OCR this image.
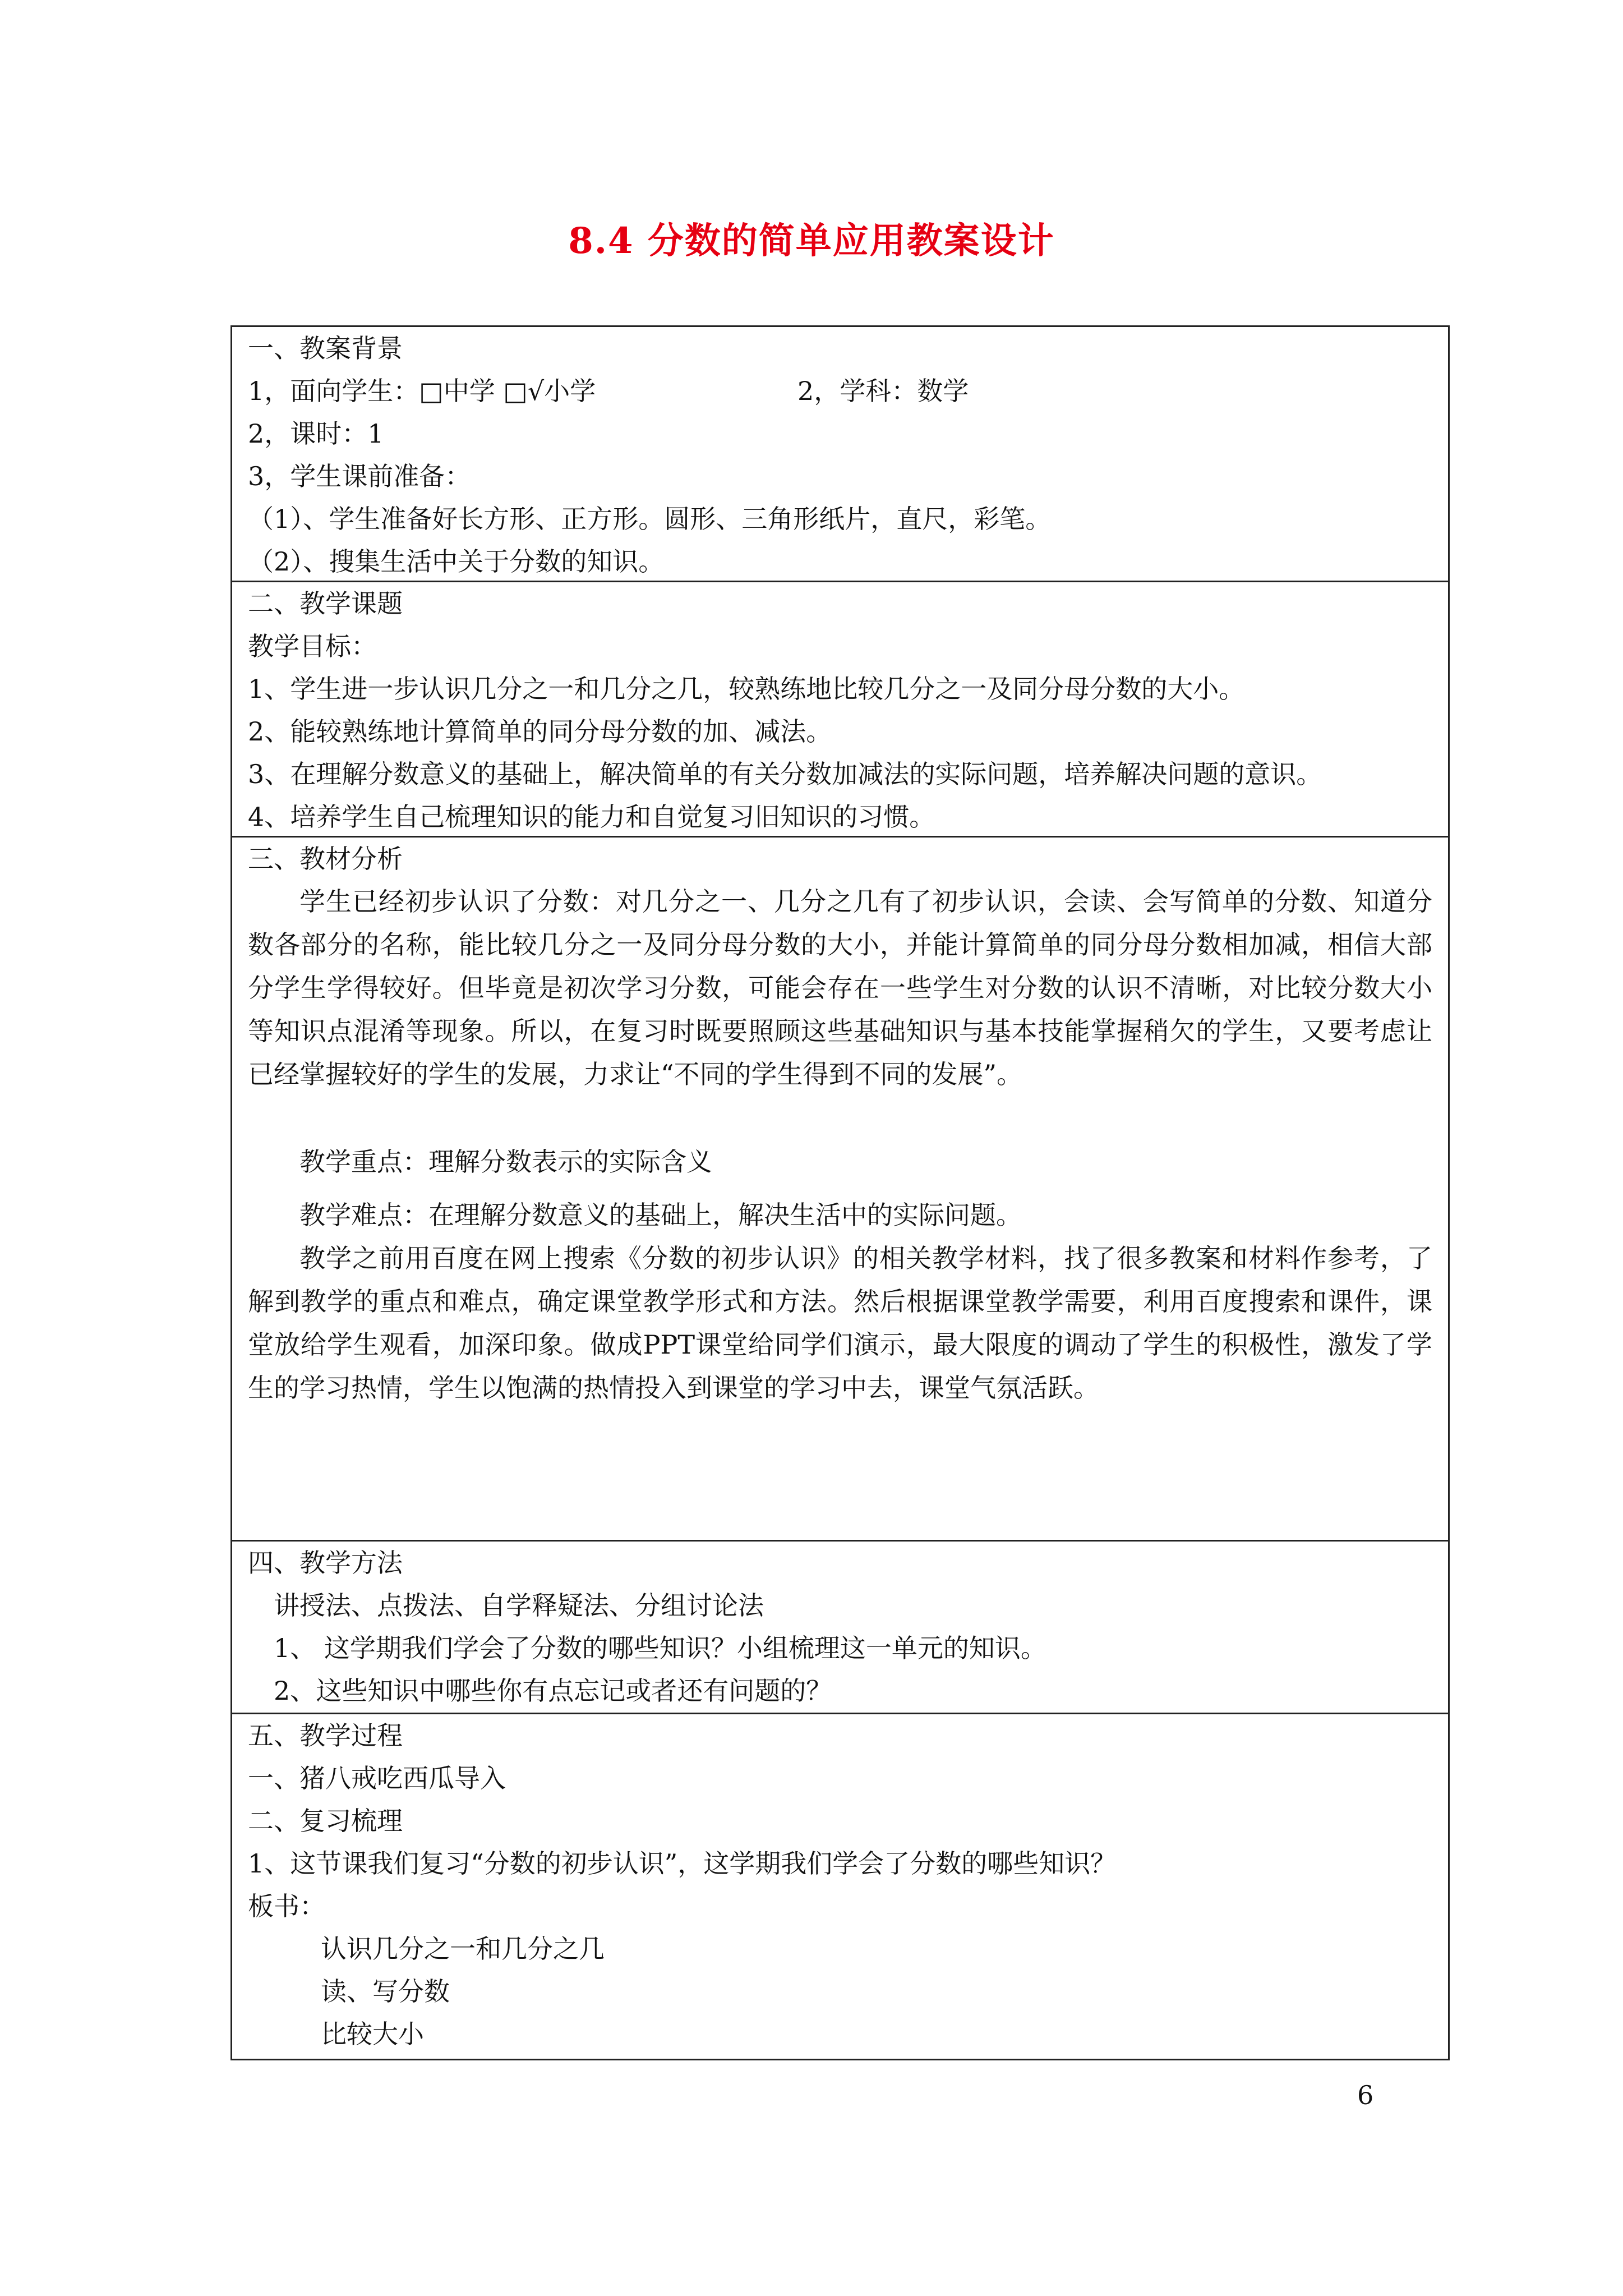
8.4 分数的简单应用教案设计
一、教案背景
1，面向学生：□中学 □√小学	2，学科：数学
2，课时：1
3，学生课前准备：
（1）、学生准备好长方形、正方形。圆形、三角形纸片，直尺，彩笔。
（2）、搜集生活中关于分数的知识。
二、教学课题
教学目标：
1、学生进一步认识几分之一和几分之几，较熟练地比较几分之一及同分母分数的大小。
2、能较熟练地计算简单的同分母分数的加、减法。
3、在理解分数意义的基础上，解决简单的有关分数加减法的实际问题，培养解决问题的意识。
4、培养学生自己梳理知识的能力和自觉复习旧知识的习惯。
三、教材分析
学生已经初步认识了分数：对几分之一、几分之几有了初步认识，会读、会写简单的分数、知道分数各部分的名称，能比较几分之一及同分母分数的大小，并能计算简单的同分母分数相加减，相信大部分学生学得较好。但毕竟是初次学习分数，可能会存在一些学生对分数的认识不清晰，对比较分数大小等知识点混淆等现象。所以，在复习时既要照顾这些基础知识与基本技能掌握稍欠的学生，又要考虑让已经掌握较好的学生的发展，力求让“不同的学生得到不同的发展”。
教学重点：理解分数表示的实际含义
教学难点：在理解分数意义的基础上，解决生活中的实际问题。
教学之前用百度在网上搜索《分数的初步认识》的相关教学材料，找了很多教案和材料作参考，了解到教学的重点和难点，确定课堂教学形式和方法。然后根据课堂教学需要，利用百度搜索和课件，课堂放给学生观看，加深印象。做成PPT课堂给同学们演示，最大限度的调动了学生的积极性，激发了学生的学习热情，学生以饱满的热情投入到课堂的学习中去，课堂气氛活跃。
四、教学方法
讲授法、点拨法、自学释疑法、分组讨论法
1、 这学期我们学会了分数的哪些知识？小组梳理这一单元的知识。
2、这些知识中哪些你有点忘记或者还有问题的？
五、教学过程
一、猪八戒吃西瓜导入
二、复习梳理
1、这节课我们复习“分数的初步认识”，这学期我们学会了分数的哪些知识？
板书：
认识几分之一和几分之几
读、写分数
比较大小
6
